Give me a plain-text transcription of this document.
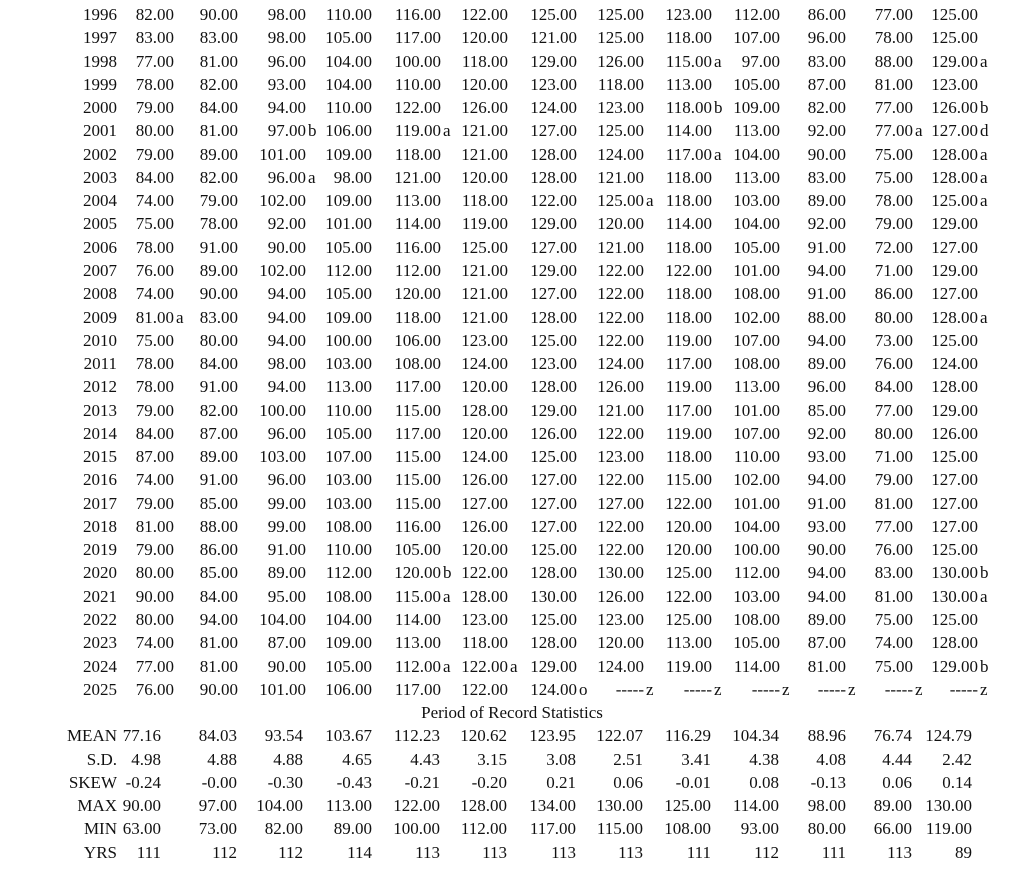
1996 82.00 90.00 98.00 110.00 116.00 122.00 125.00 125.00 123.00 112.00 86.00 77.00 125.00
1997 83.00 83.00 98.00 105.00 117.00 120.00 121.00 125.00 118.00 107.00 96.00 78.00 125.00
1998 77.00 81.00 96.00 104.00 100.00 118.00 129.00 126.00 115.00 a 97.00 83.00 88.00 129.00 a
1999 78.00 82.00 93.00 104.00 110.00 120.00 123.00 118.00 113.00 105.00 87.00 81.00 123.00
2000 79.00 84.00 94.00 110.00 122.00 126.00 124.00 123.00 118.00 b 109.00 82.00 77.00 126.00 b
2001 80.00 81.00 97.00 b 106.00 119.00 a 121.00 127.00 125.00 114.00 113.00 92.00 77.00 a 127.00 d
2002 79.00 89.00 101.00 109.00 118.00 121.00 128.00 124.00 117.00 a 104.00 90.00 75.00 128.00 a
2003 84.00 82.00 96.00 a 98.00 121.00 120.00 128.00 121.00 118.00 113.00 83.00 75.00 128.00 a
2004 74.00 79.00 102.00 109.00 113.00 118.00 122.00 125.00 a 118.00 103.00 89.00 78.00 125.00 a
2005 75.00 78.00 92.00 101.00 114.00 119.00 129.00 120.00 114.00 104.00 92.00 79.00 129.00
2006 78.00 91.00 90.00 105.00 116.00 125.00 127.00 121.00 118.00 105.00 91.00 72.00 127.00
2007 76.00 89.00 102.00 112.00 112.00 121.00 129.00 122.00 122.00 101.00 94.00 71.00 129.00
2008 74.00 90.00 94.00 105.00 120.00 121.00 127.00 122.00 118.00 108.00 91.00 86.00 127.00
2009 81.00 a 83.00 94.00 109.00 118.00 121.00 128.00 122.00 118.00 102.00 88.00 80.00 128.00 a
2010 75.00 80.00 94.00 100.00 106.00 123.00 125.00 122.00 119.00 107.00 94.00 73.00 125.00
2011 78.00 84.00 98.00 103.00 108.00 124.00 123.00 124.00 117.00 108.00 89.00 76.00 124.00
2012 78.00 91.00 94.00 113.00 117.00 120.00 128.00 126.00 119.00 113.00 96.00 84.00 128.00
2013 79.00 82.00 100.00 110.00 115.00 128.00 129.00 121.00 117.00 101.00 85.00 77.00 129.00
2014 84.00 87.00 96.00 105.00 117.00 120.00 126.00 122.00 119.00 107.00 92.00 80.00 126.00
2015 87.00 89.00 103.00 107.00 115.00 124.00 125.00 123.00 118.00 110.00 93.00 71.00 125.00
2016 74.00 91.00 96.00 103.00 115.00 126.00 127.00 122.00 115.00 102.00 94.00 79.00 127.00
2017 79.00 85.00 99.00 103.00 115.00 127.00 127.00 127.00 122.00 101.00 91.00 81.00 127.00
2018 81.00 88.00 99.00 108.00 116.00 126.00 127.00 122.00 120.00 104.00 93.00 77.00 127.00
2019 79.00 86.00 91.00 110.00 105.00 120.00 125.00 122.00 120.00 100.00 90.00 76.00 125.00
2020 80.00 85.00 89.00 112.00 120.00 b 122.00 128.00 130.00 125.00 112.00 94.00 83.00 130.00 b
2021 90.00 84.00 95.00 108.00 115.00 a 128.00 130.00 126.00 122.00 103.00 94.00 81.00 130.00 a
2022 80.00 94.00 104.00 104.00 114.00 123.00 125.00 123.00 125.00 108.00 89.00 75.00 125.00
2023 74.00 81.00 87.00 109.00 113.00 118.00 128.00 120.00 113.00 105.00 87.00 74.00 128.00
2024 77.00 81.00 90.00 105.00 112.00 a 122.00 a 129.00 124.00 119.00 114.00 81.00 75.00 129.00 b
2025 76.00 90.00 101.00 106.00 117.00 122.00 124.00 o ----- z ----- z ----- z ----- z ----- z ----- z
Period of Record Statistics
MEAN 77.16 84.03 93.54 103.67 112.23 120.62 123.95 122.07 116.29 104.34 88.96 76.74 124.79
S.D. 4.98	4.88 4.88 4.65 4.43 3.15 3.08 2.51 3.41 4.38 4.08 4.44 2.42
SKEW -0.24 -0.00 -0.30 -0.43 -0.21 -0.20 0.21 0.06 -0.01 0.08 -0.13 0.06 0.14
MAX 90.00 97.00 104.00 113.00 122.00 128.00 134.00 130.00 125.00 114.00 98.00 89.00 130.00
MIN 63.00 73.00 82.00 89.00 100.00 112.00 117.00 115.00 108.00 93.00 80.00 66.00 119.00
YRS 111	112 112	114	113 113	113 113	111	112	111 113	89
